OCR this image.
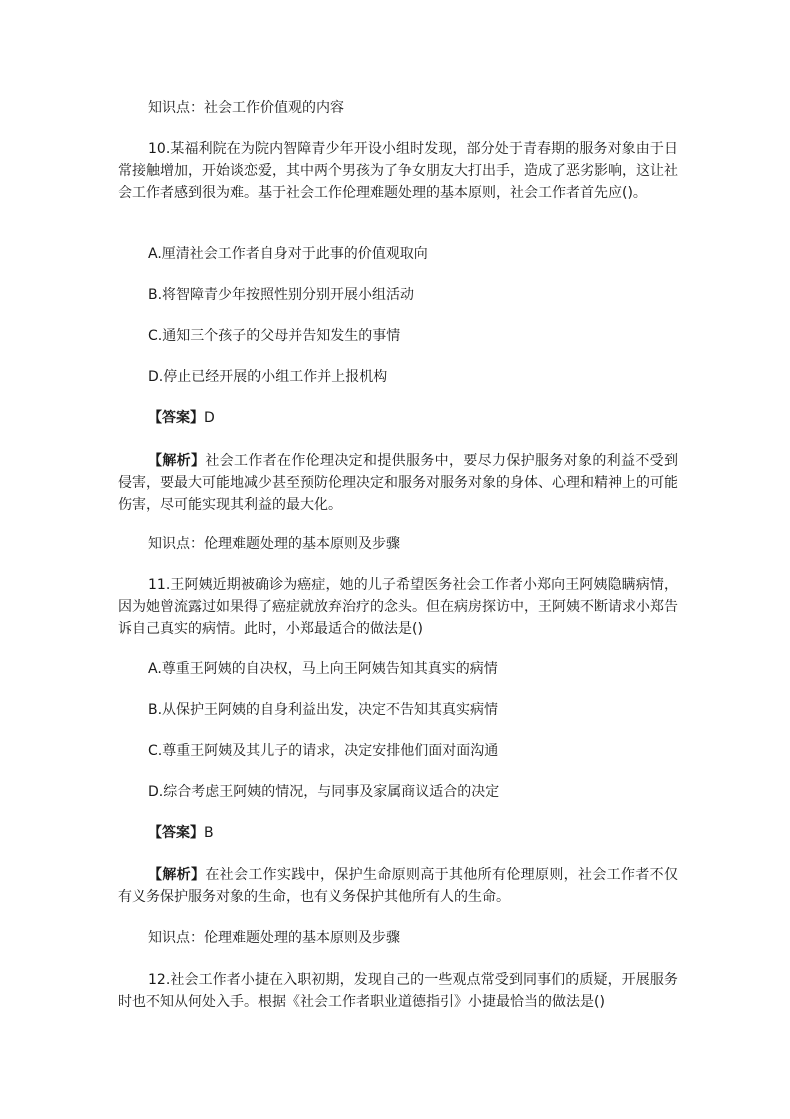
知识点：社会工作价值观的内容
10.某福利院在为院内智障青少年开设小组时发现，部分处于青春期的服务对象由于日常接触增加，开始谈恋爱，其中两个男孩为了争女朋友大打出手，造成了恶劣影响，这让社会工作者感到很为难。基于社会工作伦理难题处理的基本原则，社会工作者首先应()。
A.厘清社会工作者自身对于此事的价值观取向
B.将智障青少年按照性别分别开展小组活动
C.通知三个孩子的父母并告知发生的事情
D.停止已经开展的小组工作并上报机构
【答案】D
【解析】社会工作者在作伦理决定和提供服务中，要尽力保护服务对象的利益不受到侵害，要最大可能地减少甚至预防伦理决定和服务对服务对象的身体、心理和精神上的可能伤害，尽可能实现其利益的最大化。
知识点：伦理难题处理的基本原则及步骤
11.王阿姨近期被确诊为癌症，她的儿子希望医务社会工作者小郑向王阿姨隐瞒病情，因为她曾流露过如果得了癌症就放弃治疗的念头。但在病房探访中，王阿姨不断请求小郑告诉自己真实的病情。此时，小郑最适合的做法是()
A.尊重王阿姨的自决权，马上向王阿姨告知其真实的病情
B.从保护王阿姨的自身利益出发，决定不告知其真实病情
C.尊重王阿姨及其儿子的请求，决定安排他们面对面沟通
D.综合考虑王阿姨的情况，与同事及家属商议适合的决定
【答案】B
【解析】在社会工作实践中，保护生命原则高于其他所有伦理原则，社会工作者不仅有义务保护服务对象的生命，也有义务保护其他所有人的生命。
知识点：伦理难题处理的基本原则及步骤
12.社会工作者小捷在入职初期，发现自己的一些观点常受到同事们的质疑，开展服务时也不知从何处入手。根据《社会工作者职业道德指引》小捷最恰当的做法是()
